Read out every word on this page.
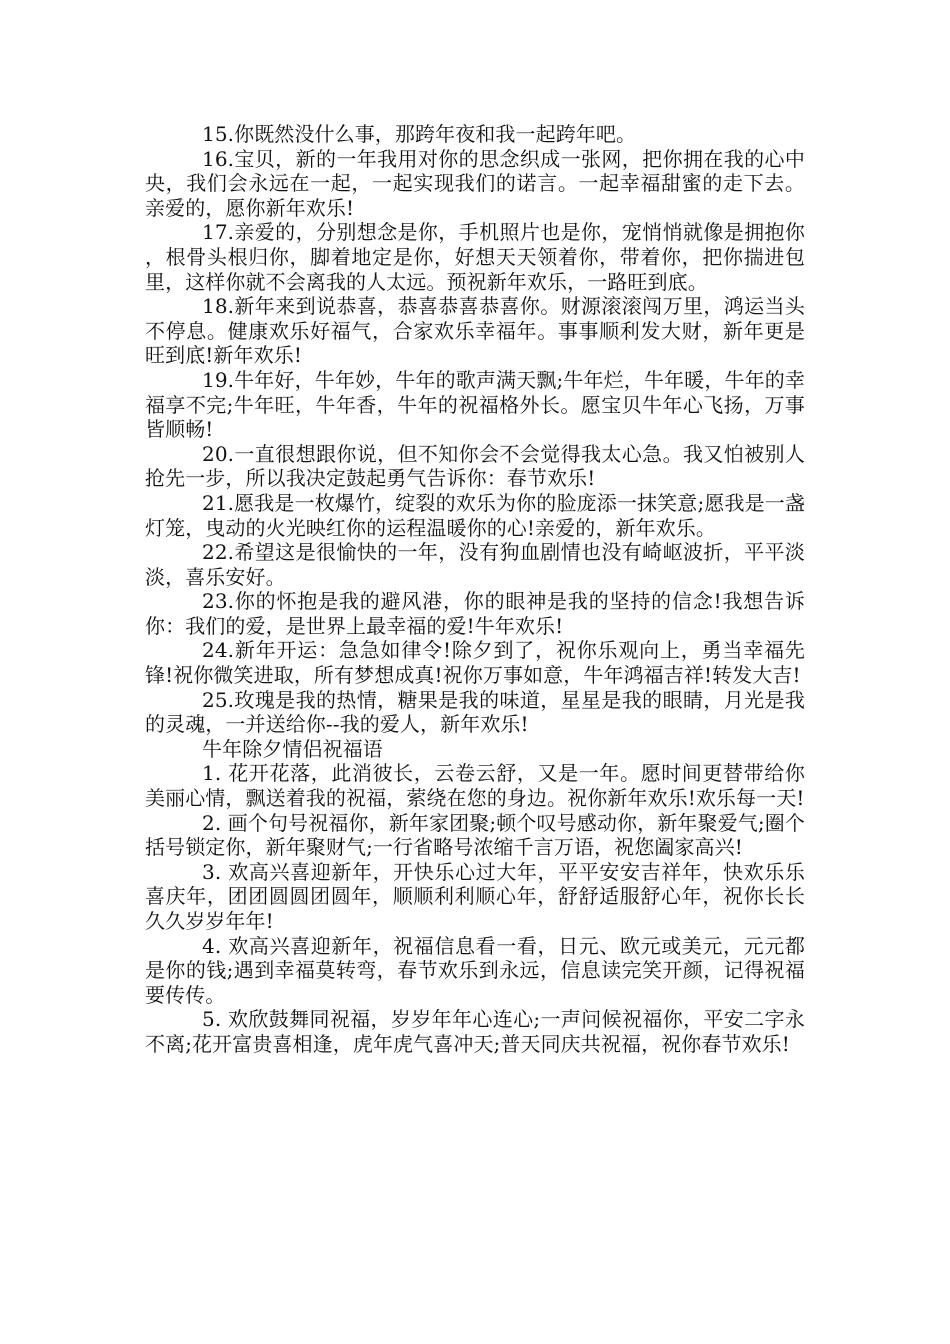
15.你既然没什么事，那跨年夜和我一起跨年吧。

16.宝贝，新的一年我用对你的思念织成一张网，把你拥在我的心中央，我们会永远在一起，一起实现我们的诺言。一起幸福甜蜜的走下去。亲爱的，愿你新年欢乐!

17.亲爱的，分别想念是你，手机照片也是你，宠悄悄就像是拥抱你，根骨头根归你，脚着地定是你，好想天天领着你，带着你，把你揣进包里，这样你就不会离我的人太远。预祝新年欢乐，一路旺到底。

18.新年来到说恭喜，恭喜恭喜恭喜你。财源滚滚闯万里，鸿运当头不停息。健康欢乐好福气，合家欢乐幸福年。事事顺利发大财，新年更是旺到底!新年欢乐!

19.牛年好，牛年妙，牛年的歌声满天飘;牛年烂，牛年暖，牛年的幸福享不完;牛年旺，牛年香，牛年的祝福格外长。愿宝贝牛年心飞扬，万事皆顺畅!

20.一直很想跟你说，但不知你会不会觉得我太心急。我又怕被别人抢先一步，所以我决定鼓起勇气告诉你：春节欢乐!

21.愿我是一枚爆竹，绽裂的欢乐为你的脸庞添一抹笑意;愿我是一盏灯笼，曳动的火光映红你的运程温暖你的心!亲爱的，新年欢乐。

22.希望这是很愉快的一年，没有狗血剧情也没有崎岖波折，平平淡淡，喜乐安好。

23.你的怀抱是我的避风港，你的眼神是我的坚持的信念!我想告诉你：我们的爱，是世界上最幸福的爱!牛年欢乐!

24.新年开运：急急如律令!除夕到了，祝你乐观向上，勇当幸福先锋!祝你微笑进取，所有梦想成真!祝你万事如意，牛年鸿福吉祥!转发大吉!

25.玫瑰是我的热情，糖果是我的味道，星星是我的眼睛，月光是我的灵魂，一并送给你--我的爱人，新年欢乐!

牛年除夕情侣祝福语

1. 花开花落，此消彼长，云卷云舒，又是一年。愿时间更替带给你美丽心情，飘送着我的祝福，萦绕在您的身边。祝你新年欢乐!欢乐每一天!

2. 画个句号祝福你，新年家团聚;顿个叹号感动你，新年聚爱气;圈个括号锁定你，新年聚财气;一行省略号浓缩千言万语，祝您阖家高兴!

3. 欢高兴喜迎新年，开快乐心过大年，平平安安吉祥年，快欢乐乐喜庆年，团团圆圆团圆年，顺顺利利顺心年，舒舒适服舒心年，祝你长长久久岁岁年年!

4. 欢高兴喜迎新年，祝福信息看一看，日元、欧元或美元，元元都是你的钱;遇到幸福莫转弯，春节欢乐到永远，信息读完笑开颜，记得祝福要传传。

5. 欢欣鼓舞同祝福，岁岁年年心连心;一声问候祝福你，平安二字永不离;花开富贵喜相逢，虎年虎气喜冲天;普天同庆共祝福，祝你春节欢乐!
